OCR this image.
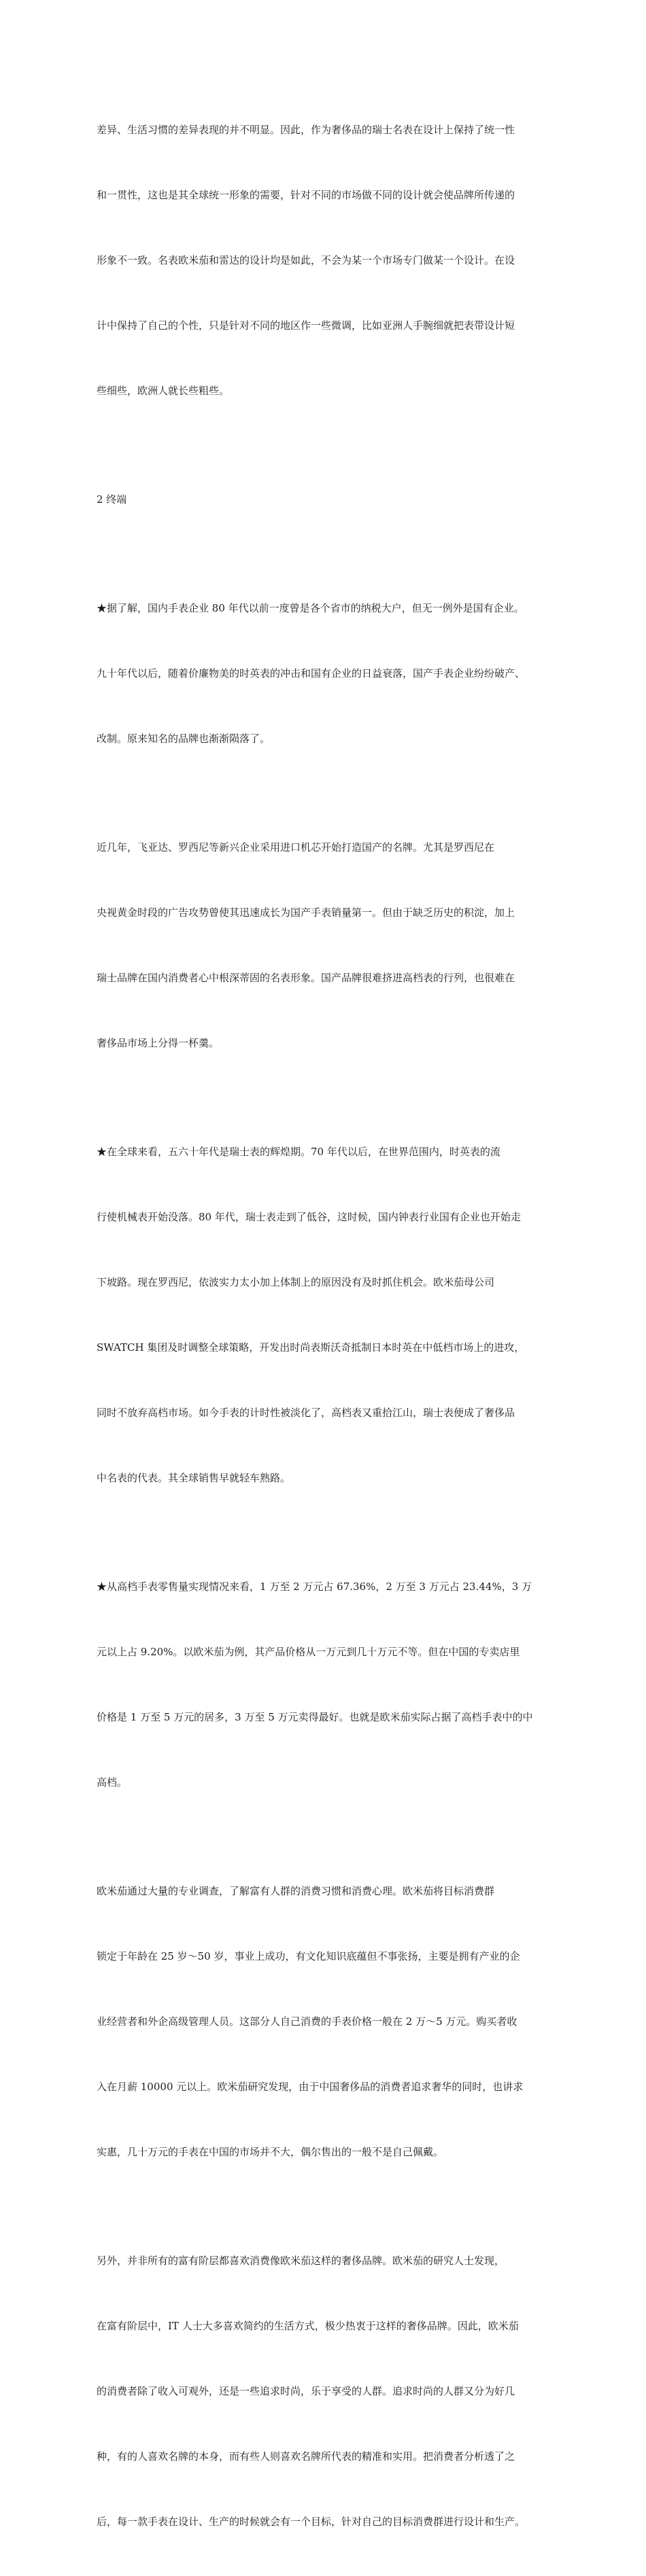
差异、生活习惯的差异表现的并不明显。因此，作为奢侈品的瑞士名表在设计上保持了统一性

和一贯性，这也是其全球统一形象的需要，针对不同的市场做不同的设计就会使品牌所传递的

形象不一致。名表欧米茄和雷达的设计均是如此，不会为某一个市场专门做某一个设计。在设

计中保持了自己的个性，只是针对不同的地区作一些微调，比如亚洲人手腕细就把表带设计短

些细些，欧洲人就长些粗些。

2 终端

★据了解，国内手表企业 80 年代以前一度曾是各个省市的纳税大户，但无一例外是国有企业。

九十年代以后，随着价廉物美的时英表的冲击和国有企业的日益衰落，国产手表企业纷纷破产、

改制。原来知名的品牌也渐渐陨落了。

近几年，飞亚达、罗西尼等新兴企业采用进口机芯开始打造国产的名牌。尤其是罗西尼在

央视黄金时段的广告攻势曾使其迅速成长为国产手表销量第一。但由于缺乏历史的积淀，加上

瑞士品牌在国内消费者心中根深蒂固的名表形象。国产品牌很难挤进高档表的行列，也很难在

奢侈品市场上分得一杯羹。

★在全球来看，五六十年代是瑞士表的辉煌期。70 年代以后，在世界范围内，时英表的流

行使机械表开始没落。80 年代，瑞士表走到了低谷，这时候，国内钟表行业国有企业也开始走

下坡路。现在罗西尼，依波实力太小加上体制上的原因没有及时抓住机会。欧米茄母公司

SWATCH 集团及时调整全球策略，开发出时尚表斯沃奇抵制日本时英在中低档市场上的进攻，

同时不放弃高档市场。如今手表的计时性被淡化了，高档表又重拾江山，瑞士表便成了奢侈品

中名表的代表。其全球销售早就轻车熟路。

★从高档手表零售量实现情况来看，1 万至 2 万元占 67.36%，2 万至 3 万元占 23.44%，3 万

元以上占 9.20%。以欧米茄为例，其产品价格从一万元到几十万元不等。但在中国的专卖店里

价格是 1 万至 5 万元的居多，3 万至 5 万元卖得最好。也就是欧米茄实际占据了高档手表中的中

高档。

欧米茄通过大量的专业调查，了解富有人群的消费习惯和消费心理。欧米茄将目标消费群

锁定于年龄在 25 岁～50 岁，事业上成功，有文化知识底蕴但不事张扬，主要是拥有产业的企

业经营者和外企高级管理人员。这部分人自己消费的手表价格一般在 2 万～5 万元。购买者收

入在月薪 10000 元以上。欧米茄研究发现，由于中国奢侈品的消费者追求奢华的同时，也讲求

实惠，几十万元的手表在中国的市场并不大，偶尔售出的一般不是自己佩戴。

另外，并非所有的富有阶层都喜欢消费像欧米茄这样的奢侈品牌。欧米茄的研究人士发现，

在富有阶层中，IT 人士大多喜欢简约的生活方式，极少热衷于这样的奢侈品牌。因此，欧米茄

的消费者除了收入可观外，还是一些追求时尚，乐于享受的人群。追求时尚的人群又分为好几

种，有的人喜欢名牌的本身，而有些人则喜欢名牌所代表的精准和实用。把消费者分析透了之

后，每一款手表在设计、生产的时候就会有一个目标，针对自己的目标消费群进行设计和生产。
